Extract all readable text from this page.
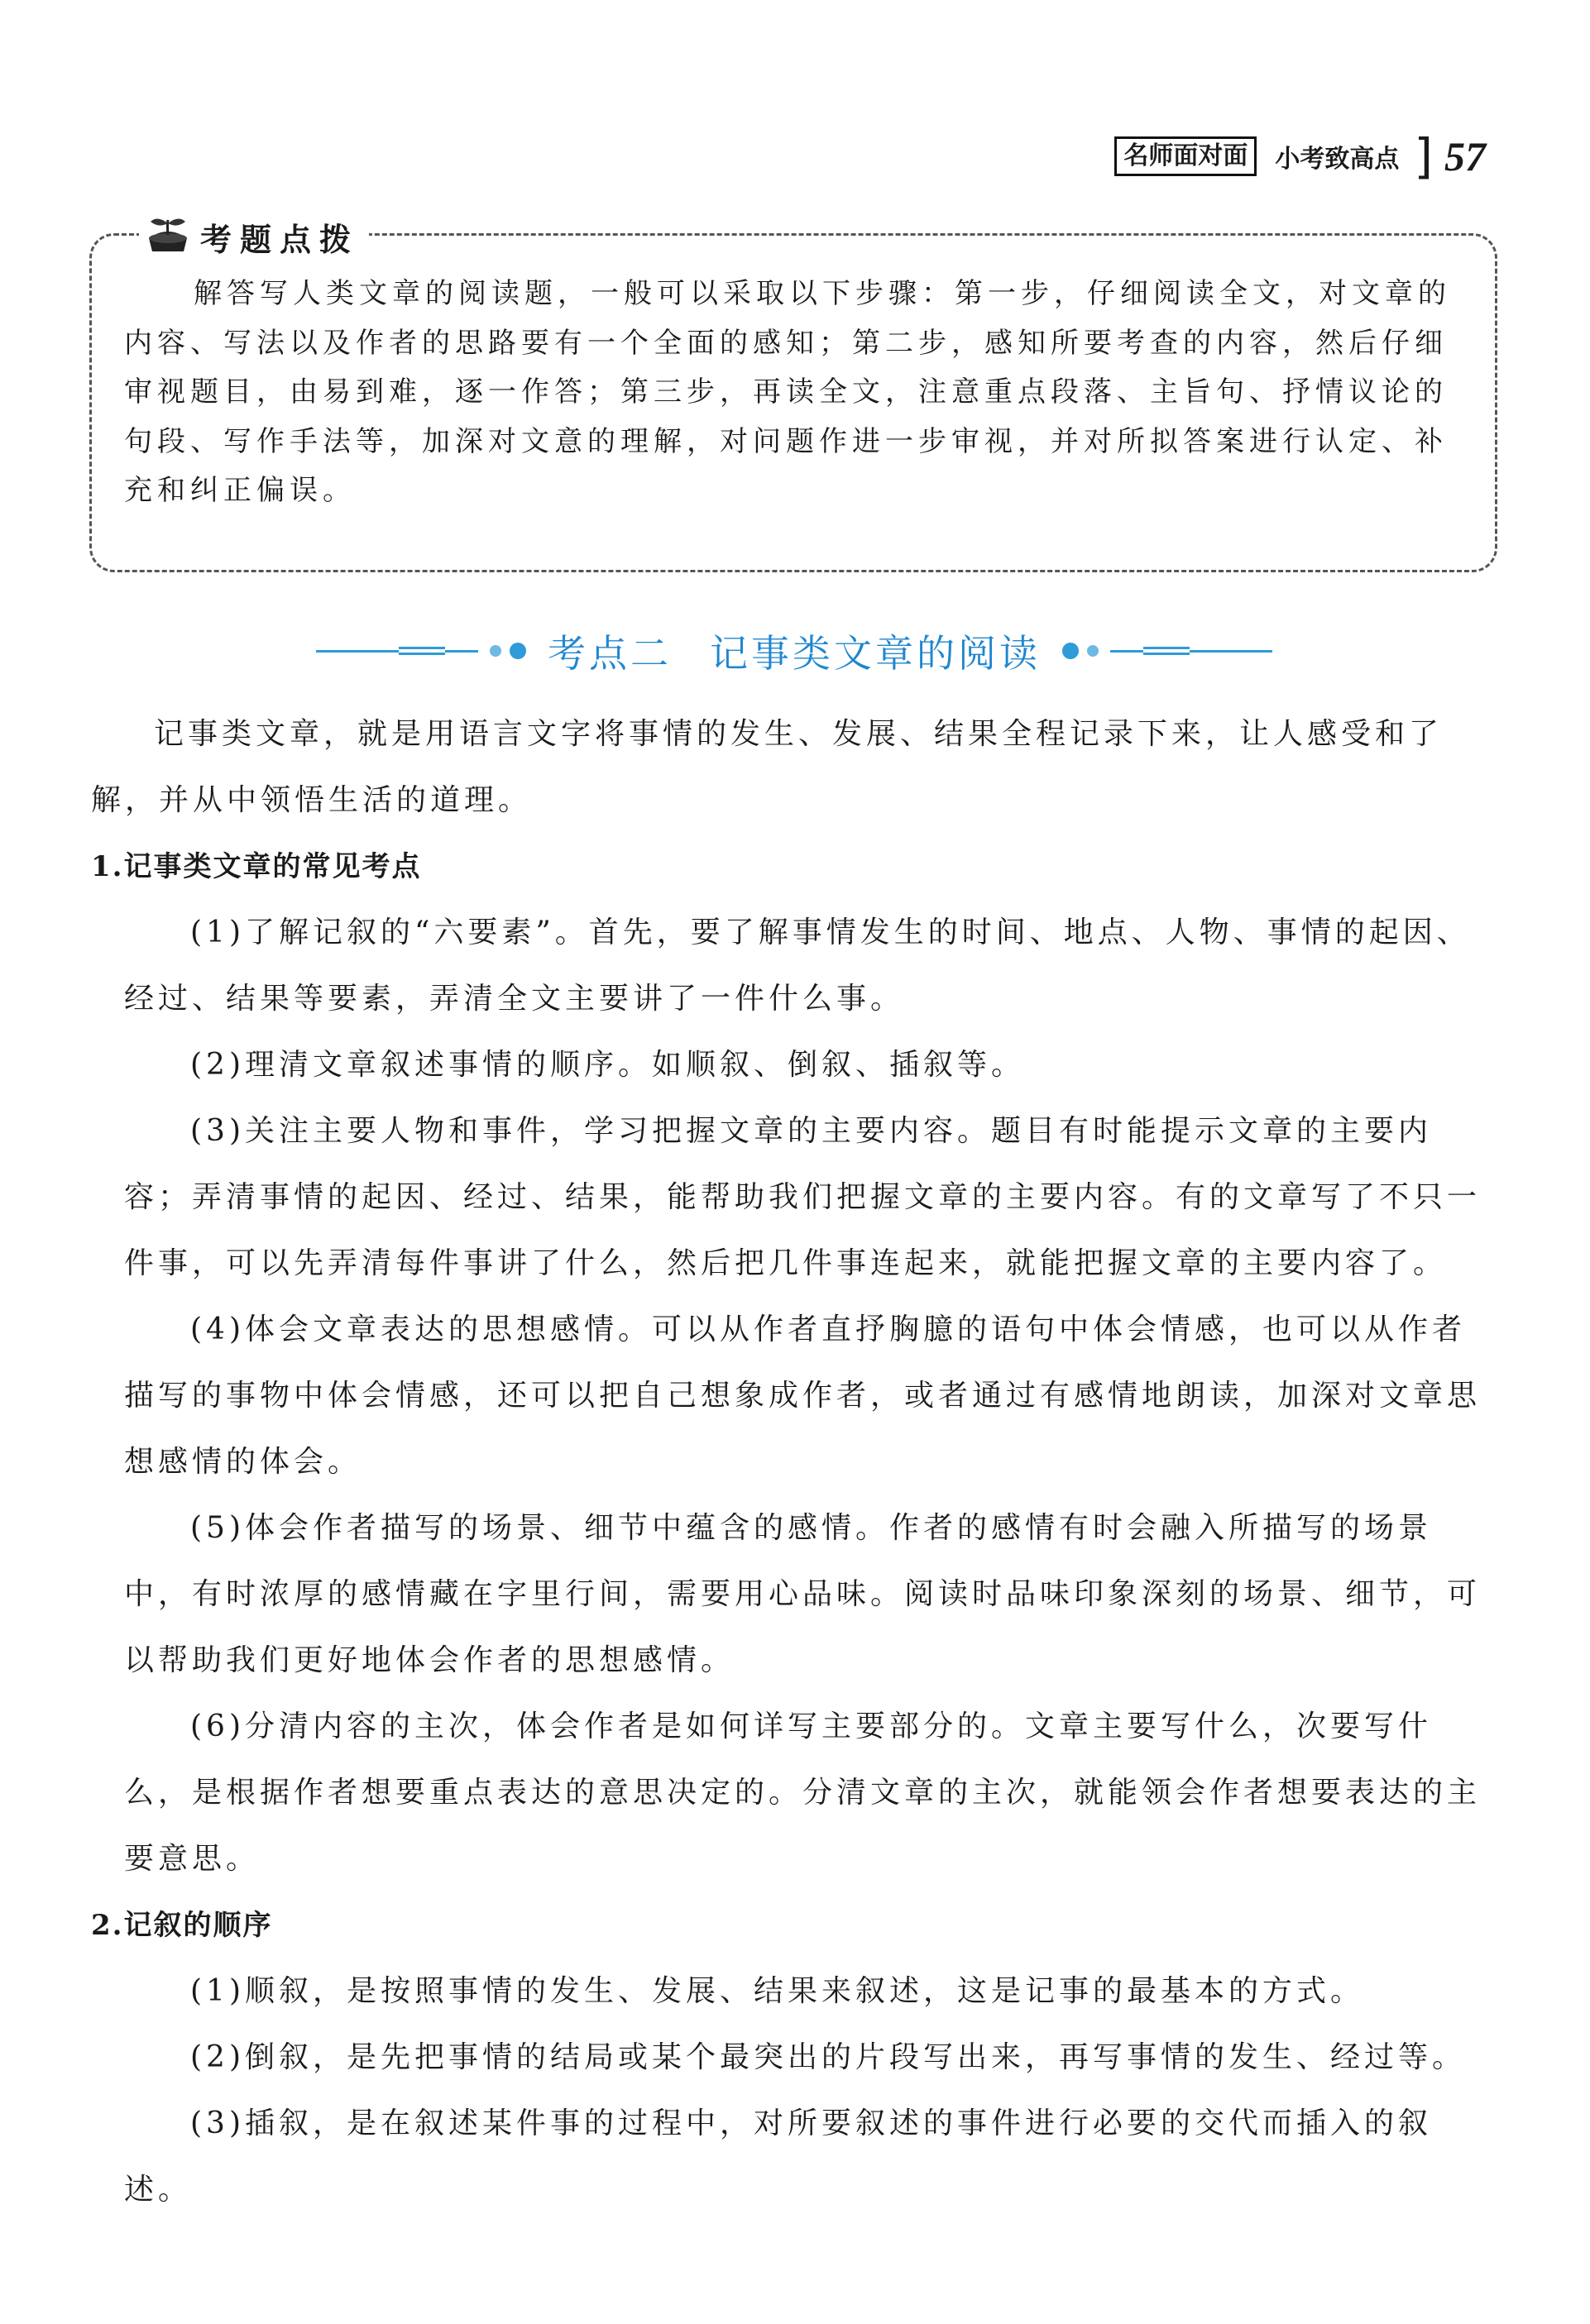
名师面对面	小考致高点 ] 57
考题点拨

解答写人类文章的阅读题，一般可以采取以下步骤：第一步，仔细阅读全文，对文章的内容、写法以及作者的思路要有一个全面的感知；第二步，感知所要考查的内容，然后仔细审视题目，由易到难，逐一作答；第三步，再读全文，注意重点段落、主旨句、抒情议论的句段、写作手法等，加深对文意的理解，对问题作进一步审视，并对所拟答案进行认定、补充和纠正偏误。

考点二 记事类文章的阅读

记事类文章，就是用语言文字将事情的发生、发展、结果全程记录下来，让人感受和了解，并从中领悟生活的道理。

1.记事类文章的常见考点

(1)了解记叙的“六要素”。首先，要了解事情发生的时间、地点、人物、事情的起因、经过、结果等要素，弄清全文主要讲了一件什么事。

(2)理清文章叙述事情的顺序。如顺叙、倒叙、插叙等。

(3)关注主要人物和事件，学习把握文章的主要内容。题目有时能提示文章的主要内容；弄清事情的起因、经过、结果，能帮助我们把握文章的主要内容。有的文章写了不只一件事，可以先弄清每件事讲了什么，然后把几件事连起来，就能把握文章的主要内容了。

(4)体会文章表达的思想感情。可以从作者直抒胸臆的语句中体会情感，也可以从作者描写的事物中体会情感，还可以把自己想象成作者，或者通过有感情地朗读，加深对文章思想感情的体会。

(5)体会作者描写的场景、细节中蕴含的感情。作者的感情有时会融入所描写的场景中，有时浓厚的感情藏在字里行间，需要用心品味。阅读时品味印象深刻的场景、细节，可以帮助我们更好地体会作者的思想感情。

(6)分清内容的主次，体会作者是如何详写主要部分的。文章主要写什么，次要写什么，是根据作者想要重点表达的意思决定的。分清文章的主次，就能领会作者想要表达的主要意思。

2.记叙的顺序

(1)顺叙，是按照事情的发生、发展、结果来叙述，这是记事的最基本的方式。

(2)倒叙，是先把事情的结局或某个最突出的片段写出来，再写事情的发生、经过等。

(3)插叙，是在叙述某件事的过程中，对所要叙述的事件进行必要的交代而插入的叙述。
